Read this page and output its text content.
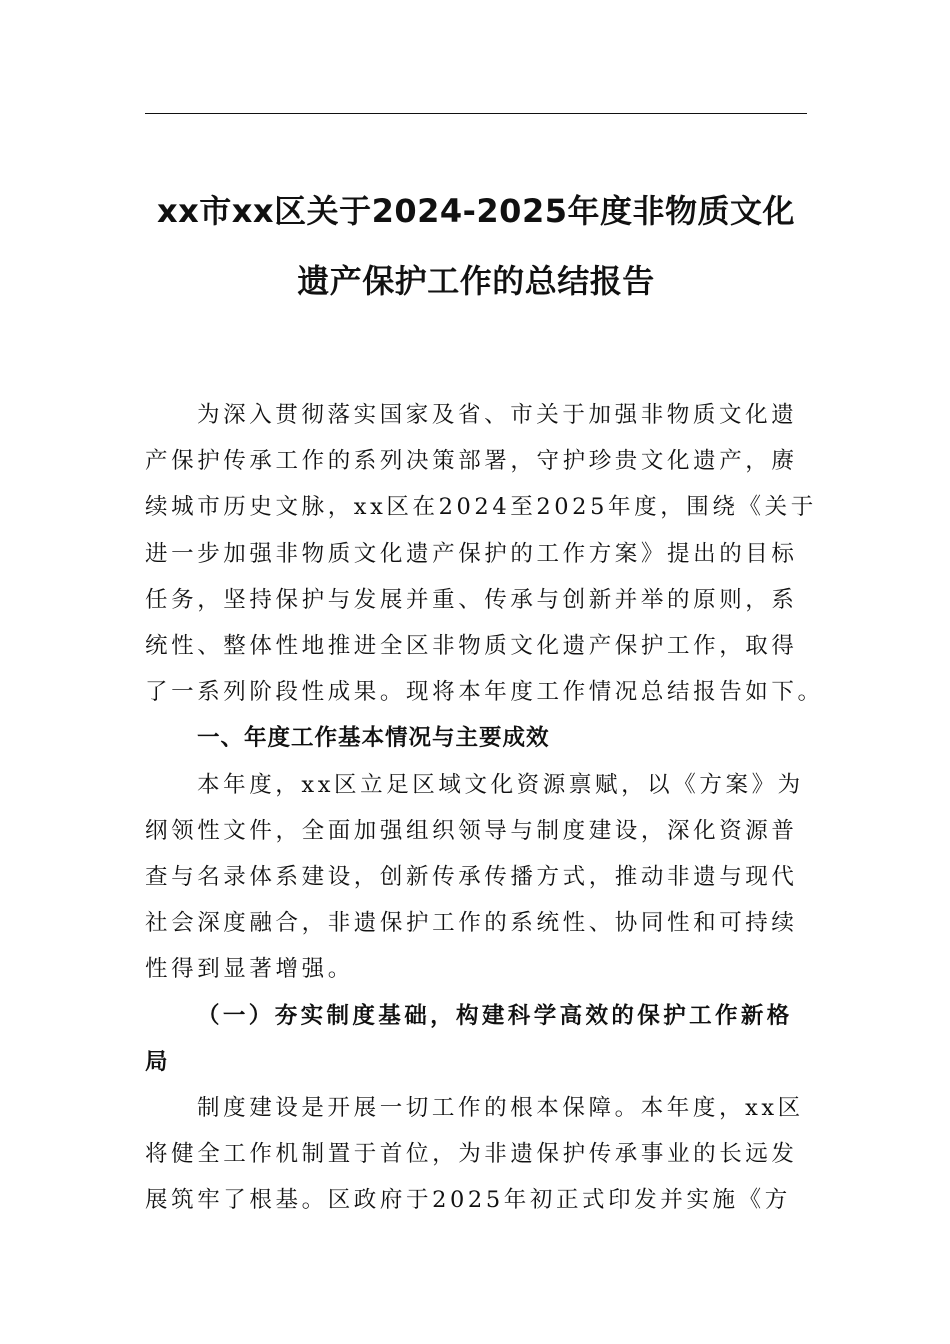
xx市xx区关于2024-2025年度非物质文化
遗产保护工作的总结报告

为深入贯彻落实国家及省、市关于加强非物质文化遗
产保护传承工作的系列决策部署，守护珍贵文化遗产，赓
续城市历史文脉，xx区在2024至2025年度，围绕《关于
进一步加强非物质文化遗产保护的工作方案》提出的目标
任务，坚持保护与发展并重、传承与创新并举的原则，系
统性、整体性地推进全区非物质文化遗产保护工作，取得
了一系列阶段性成果。现将本年度工作情况总结报告如下。

一、年度工作基本情况与主要成效

本年度，xx区立足区域文化资源禀赋，以《方案》为
纲领性文件，全面加强组织领导与制度建设，深化资源普
查与名录体系建设，创新传承传播方式，推动非遗与现代
社会深度融合，非遗保护工作的系统性、协同性和可持续
性得到显著增强。

（一）夯实制度基础，构建科学高效的保护工作新格
局

制度建设是开展一切工作的根本保障。本年度，xx区
将健全工作机制置于首位，为非遗保护传承事业的长远发
展筑牢了根基。区政府于2025年初正式印发并实施《方
